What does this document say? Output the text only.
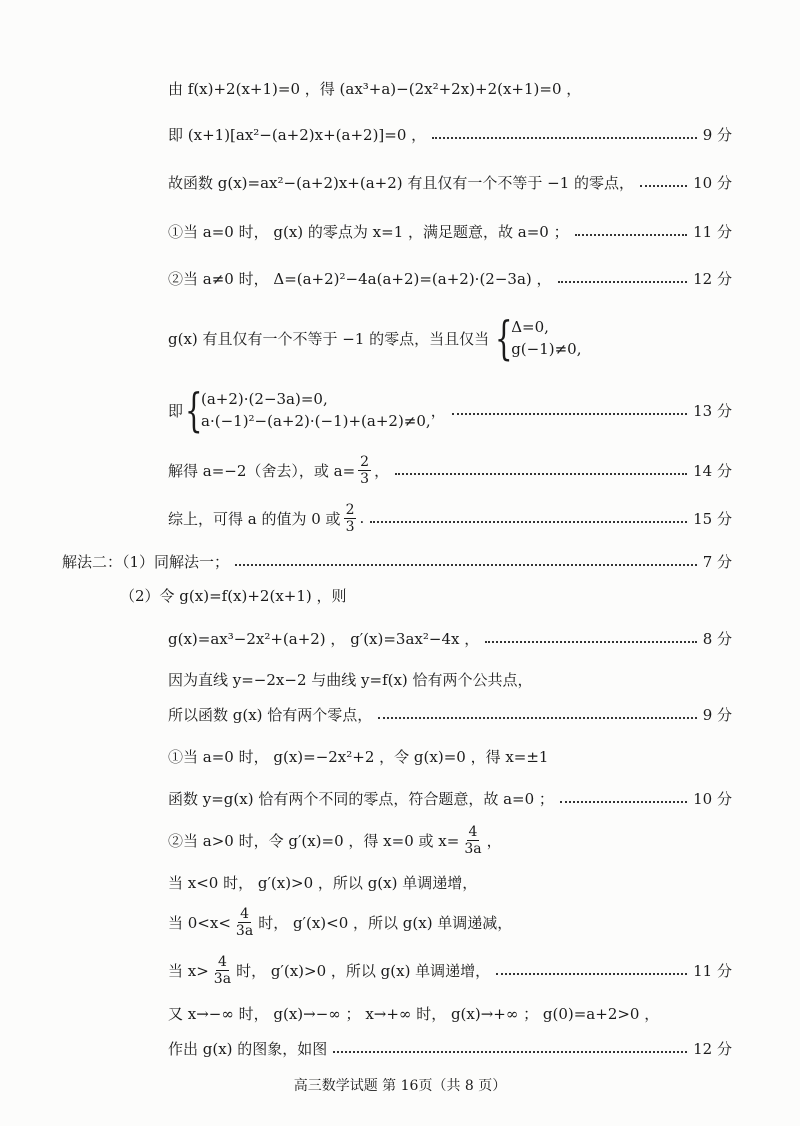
由 f(x)+2(x+1)=0 ，得 (ax³+a)−(2x²+2x)+2(x+1)=0 ，
即 (x+1)[ax²−(a+2)x+(a+2)]=0 ，	9 分
故函数 g(x)=ax²−(a+2)x+(a+2) 有且仅有一个不等于 −1 的零点，	10 分
①当 a=0 时， g(x) 的零点为 x=1 ，满足题意，故 a=0 ；	11 分
②当 a≠0 时， Δ=(a+2)²−4a(a+2)=(a+2)·(2−3a) ，	12 分
g(x) 有且仅有一个不等于 −1 的零点，当且仅当 {
Δ=0,
g(−1)≠0,
即 {
(a+2)·(2−3a)=0,
a·(−1)²−(a+2)·(−1)+(a+2)≠0,
，	13 分
解得 a=−2（舍去），或 $a= \frac{2}{3}$ ，	14 分
综上，可得 a 的值为 0 或 $\frac{2}{3}$ .	15 分
解法二：（1）同解法一；	7 分
（2）令 g(x)=f(x)+2(x+1) ，则
g(x)=ax³−2x²+(a+2) ， g′(x)=3ax²−4x ，	8 分
因为直线 y=−2x−2 与曲线 y=f(x) 恰有两个公共点，
所以函数 g(x) 恰有两个零点，	9 分
①当 a=0 时， g(x)=−2x²+2 ，令 g(x)=0 ，得 x=±1
函数 y=g(x) 恰有两个不同的零点，符合题意，故 a=0 ；	10 分
②当 a>0 时，令 g′(x)=0 ，得 x=0 或 $x= \frac{4}{3a}$ ，
当 x<0 时， g′(x)>0 ，所以 g(x) 单调递增，
当 $0<x< \frac{4}{3a}$ 时， g′(x)<0 ，所以 g(x) 单调递减，
当 $x> \frac{4}{3a}$ 时， g′(x)>0 ，所以 g(x) 单调递增，	11 分
又 x→−∞ 时， g(x)→−∞ ； x→+∞ 时， g(x)→+∞ ； g(0)=a+2>0 ，
作出 g(x) 的图象，如图	12 分
高三数学试题 第 16页（共 8 页）
